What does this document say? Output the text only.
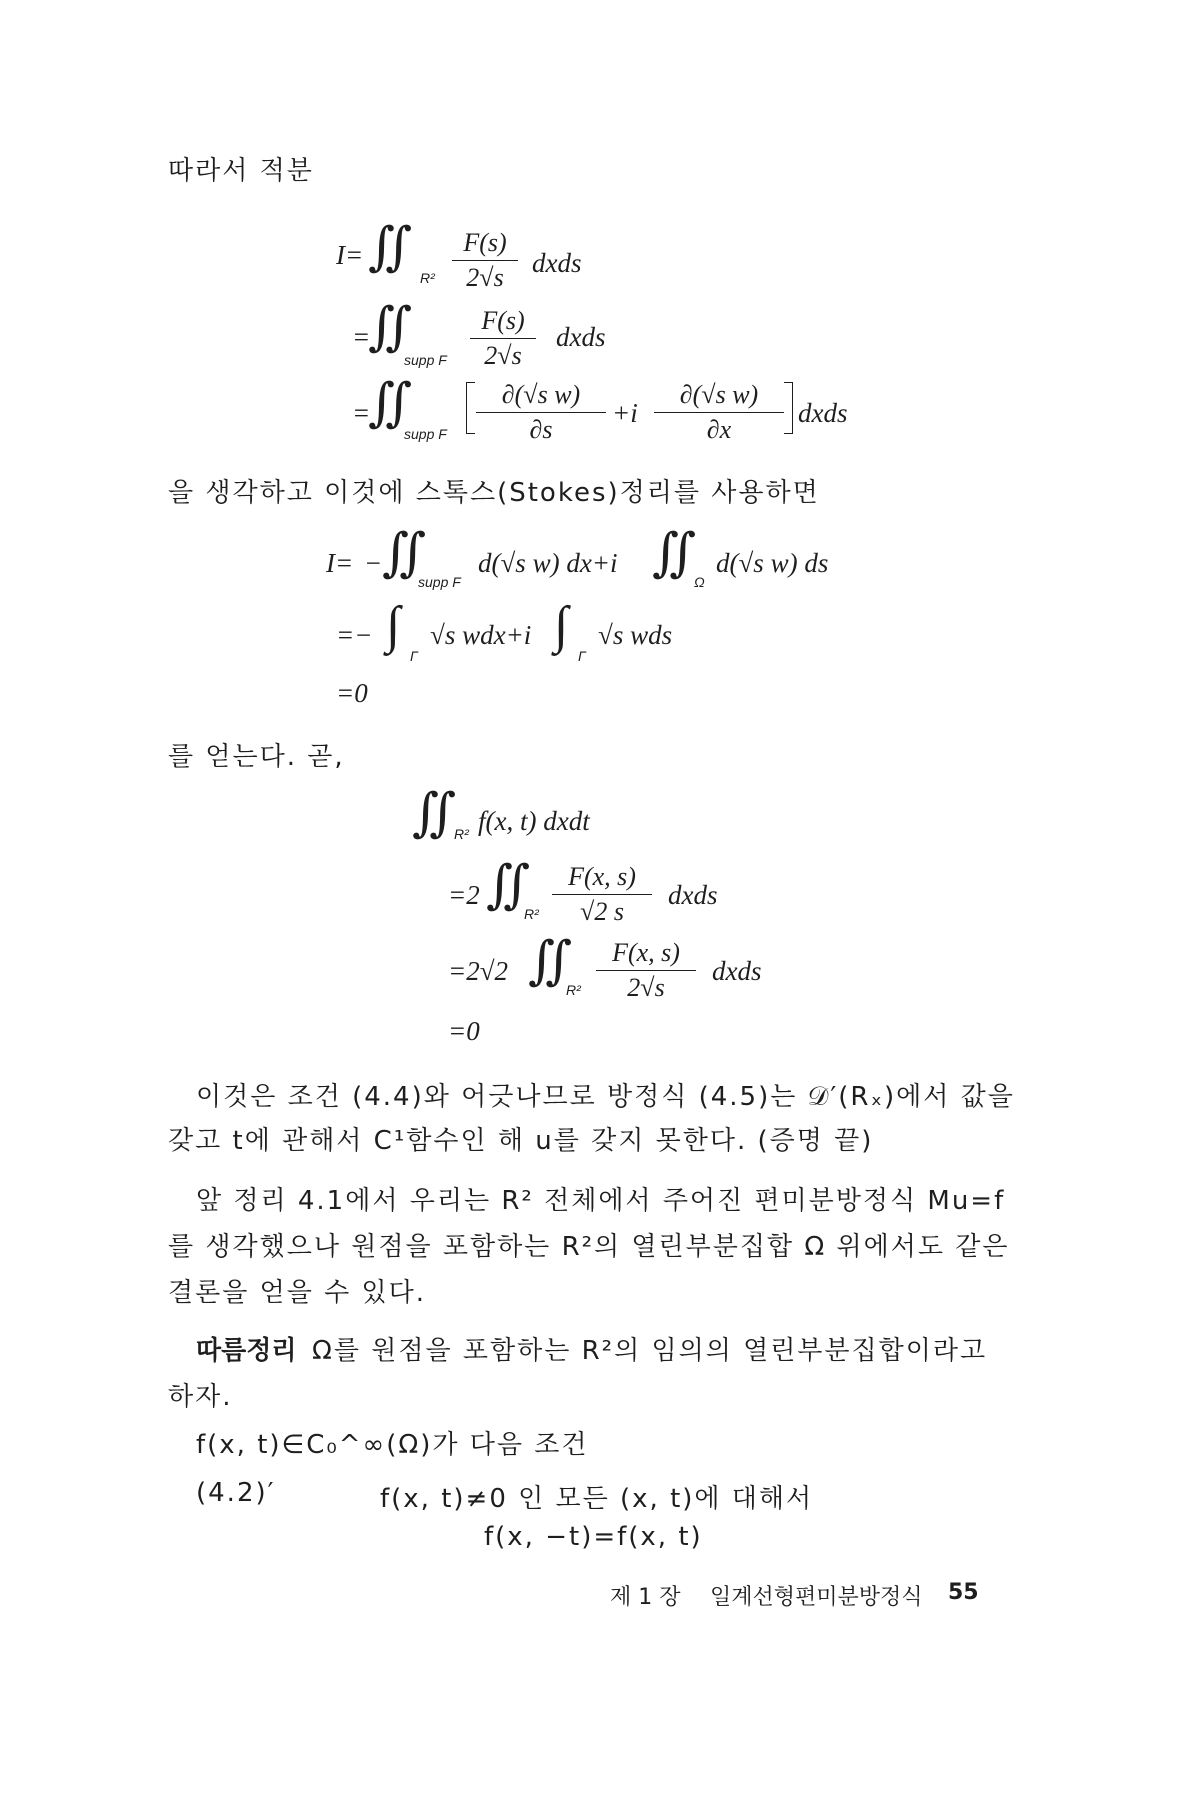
따라서 적분
I= ∬
R²
F(s)
2√s	dxds
=
∬
supp F
F(s)
2√s
dxds
=
∬
supp F
∂(√s w)
∂s
+i
∂(√s w)
∂x
dxds
을 생각하고 이것에 스톡스(Stokes)정리를 사용하면
I= − ∬
supp F
d(√s w) dx+i ∬
Ω
d(√s w) ds
=− ∫
Γ
√s wdx+i ∫
Γ
√s wds
=0
를 얻는다. 곧,
∬
R² f(x, t) dxdt
=2 ∬
R²
F(x, s)
√2 s
dxds
=2√2 ∬
R²
F(x, s)
2√s
dxds
=0
이것은 조건 (4.4)와 어긋나므로 방정식 (4.5)는 𝒟′(Rₓ)에서 값을
갖고 t에 관해서 C¹함수인 해 u를 갖지 못한다. (증명 끝)
앞 정리 4.1에서 우리는 R² 전체에서 주어진 편미분방정식 Mu=f
를 생각했으나 원점을 포함하는 R²의 열린부분집합 Ω 위에서도 같은
결론을 얻을 수 있다.
따름정리 Ω를 원점을 포함하는 R²의 임의의 열린부분집합이라고
하자.
f(x, t)∈C₀^∞(Ω)가 다음 조건
(4.2)′	f(x, t)≠0 인 모든 (x, t)에 대해서
f(x, −t)=f(x, t)
제 1 장 일계선형편미분방정식 55
